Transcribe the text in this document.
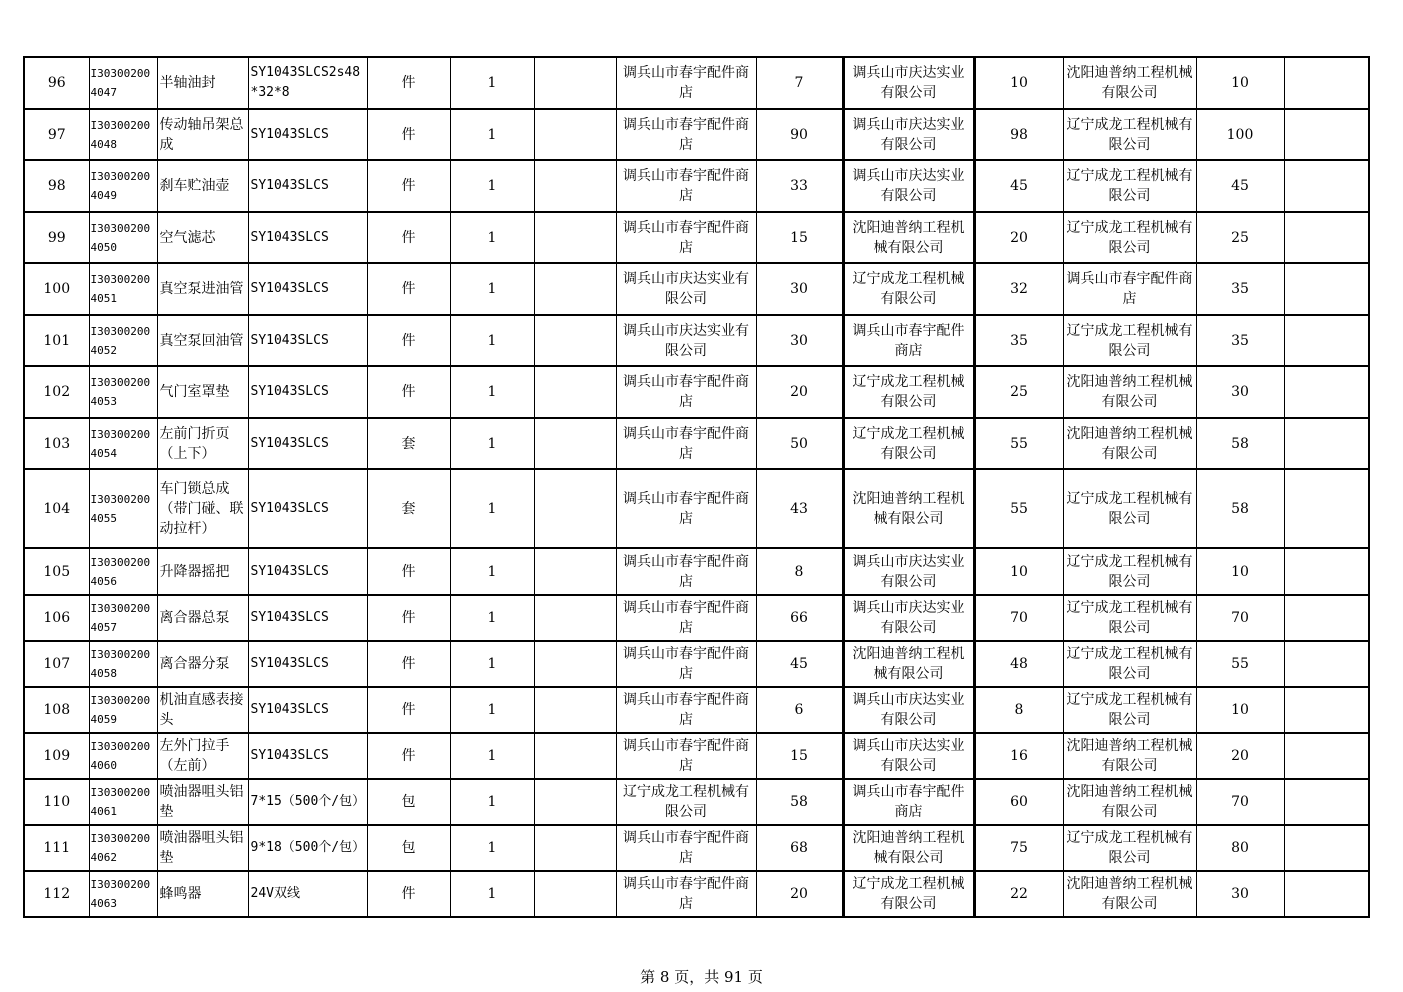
96	I303002004047	半轴油封	SY1043SLCS2s48*32*8	件	1		调兵山市春宇配件商店	7	调兵山市庆达实业有限公司	10	沈阳迪普纳工程机械有限公司	10	
97	I303002004048	传动轴吊架总成	SY1043SLCS	件	1		调兵山市春宇配件商店	90	调兵山市庆达实业有限公司	98	辽宁成龙工程机械有限公司	100	
98	I303002004049	刹车贮油壶	SY1043SLCS	件	1		调兵山市春宇配件商店	33	调兵山市庆达实业有限公司	45	辽宁成龙工程机械有限公司	45	
99	I303002004050	空气滤芯	SY1043SLCS	件	1		调兵山市春宇配件商店	15	沈阳迪普纳工程机械有限公司	20	辽宁成龙工程机械有限公司	25	
100	I303002004051	真空泵进油管	SY1043SLCS	件	1		调兵山市庆达实业有限公司	30	辽宁成龙工程机械有限公司	32	调兵山市春宇配件商店	35	
101	I303002004052	真空泵回油管	SY1043SLCS	件	1		调兵山市庆达实业有限公司	30	调兵山市春宇配件商店	35	辽宁成龙工程机械有限公司	35	
102	I303002004053	气门室罩垫	SY1043SLCS	件	1		调兵山市春宇配件商店	20	辽宁成龙工程机械有限公司	25	沈阳迪普纳工程机械有限公司	30	
103	I303002004054	左前门折页（上下）	SY1043SLCS	套	1		调兵山市春宇配件商店	50	辽宁成龙工程机械有限公司	55	沈阳迪普纳工程机械有限公司	58	
104	I303002004055	车门锁总成（带门碰、联动拉杆）	SY1043SLCS	套	1		调兵山市春宇配件商店	43	沈阳迪普纳工程机械有限公司	55	辽宁成龙工程机械有限公司	58	
105	I303002004056	升降器摇把	SY1043SLCS	件	1		调兵山市春宇配件商店	8	调兵山市庆达实业有限公司	10	辽宁成龙工程机械有限公司	10	
106	I303002004057	离合器总泵	SY1043SLCS	件	1		调兵山市春宇配件商店	66	调兵山市庆达实业有限公司	70	辽宁成龙工程机械有限公司	70	
107	I303002004058	离合器分泵	SY1043SLCS	件	1		调兵山市春宇配件商店	45	沈阳迪普纳工程机械有限公司	48	辽宁成龙工程机械有限公司	55	
108	I303002004059	机油直感表接头	SY1043SLCS	件	1		调兵山市春宇配件商店	6	调兵山市庆达实业有限公司	8	辽宁成龙工程机械有限公司	10	
109	I303002004060	左外门拉手（左前）	SY1043SLCS	件	1		调兵山市春宇配件商店	15	调兵山市庆达实业有限公司	16	沈阳迪普纳工程机械有限公司	20	
110	I303002004061	喷油器咀头铝垫	7*15（500个/包）	包	1		辽宁成龙工程机械有限公司	58	调兵山市春宇配件商店	60	沈阳迪普纳工程机械有限公司	70	
111	I303002004062	喷油器咀头铝垫	9*18（500个/包）	包	1		调兵山市春宇配件商店	68	沈阳迪普纳工程机械有限公司	75	辽宁成龙工程机械有限公司	80	
112	I303002004063	蜂鸣器	24V双线	件	1		调兵山市春宇配件商店	20	辽宁成龙工程机械有限公司	22	沈阳迪普纳工程机械有限公司	30	
第 8 页，共 91 页
